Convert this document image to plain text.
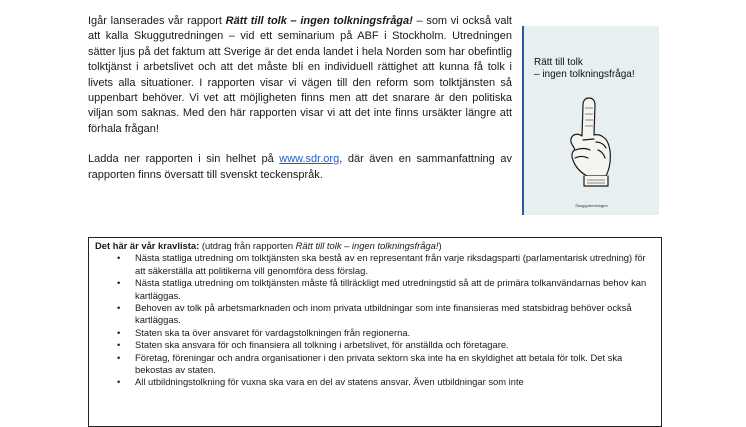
Igår lanserades vår rapport Rätt till tolk – ingen tolkningsfråga! – som vi också valt att kalla Skuggutredningen – vid ett seminarium på ABF i Stockholm. Utredningen sätter ljus på det faktum att Sverige är det enda landet i hela Norden som har obefintlig tolktjänst i arbetslivet och att det måste bli en individuell rättighet att kunna få tolk i livets alla situationer. I rapporten visar vi vägen till den reform som tolktjänsten så uppenbart behöver. Vi vet att möjligheten finns men att det snarare är den politiska viljan som saknas. Med den här rapporten visar vi att det inte finns ursäkter längre att förhala frågan!

Ladda ner rapporten i sin helhet på www.sdr.org, där även en sammanfattning av rapporten finns översatt till svenskt teckenspråk.

Rätt till tolk
– ingen tolkningsfråga!
Skuggutredningen
Det här är vår kravlista: (utdrag från rapporten Rätt till tolk – ingen tolkningsfråga!)
• Nästa statliga utredning om tolktjänsten ska bestå av en representant från varje riksdagsparti (parlamentarisk utredning) för att säkerställa att politikerna vill genomföra dess förslag.
• Nästa statliga utredning om tolktjänsten måste få tillräckligt med utredningstid så att de primära tolkanvändarnas behov kan kartläggas.
• Behoven av tolk på arbetsmarknaden och inom privata utbildningar som inte finansieras med statsbidrag behöver också kartläggas.
• Staten ska ta över ansvaret för vardagstolkningen från regionerna.
• Staten ska ansvara för och finansiera all tolkning i arbetslivet, för anställda och företagare.
• Företag, föreningar och andra organisationer i den privata sektorn ska inte ha en skyldighet att betala för tolk. Det ska bekostas av staten.
• All utbildningstolkning för vuxna ska vara en del av statens ansvar. Även utbildningar som inte
